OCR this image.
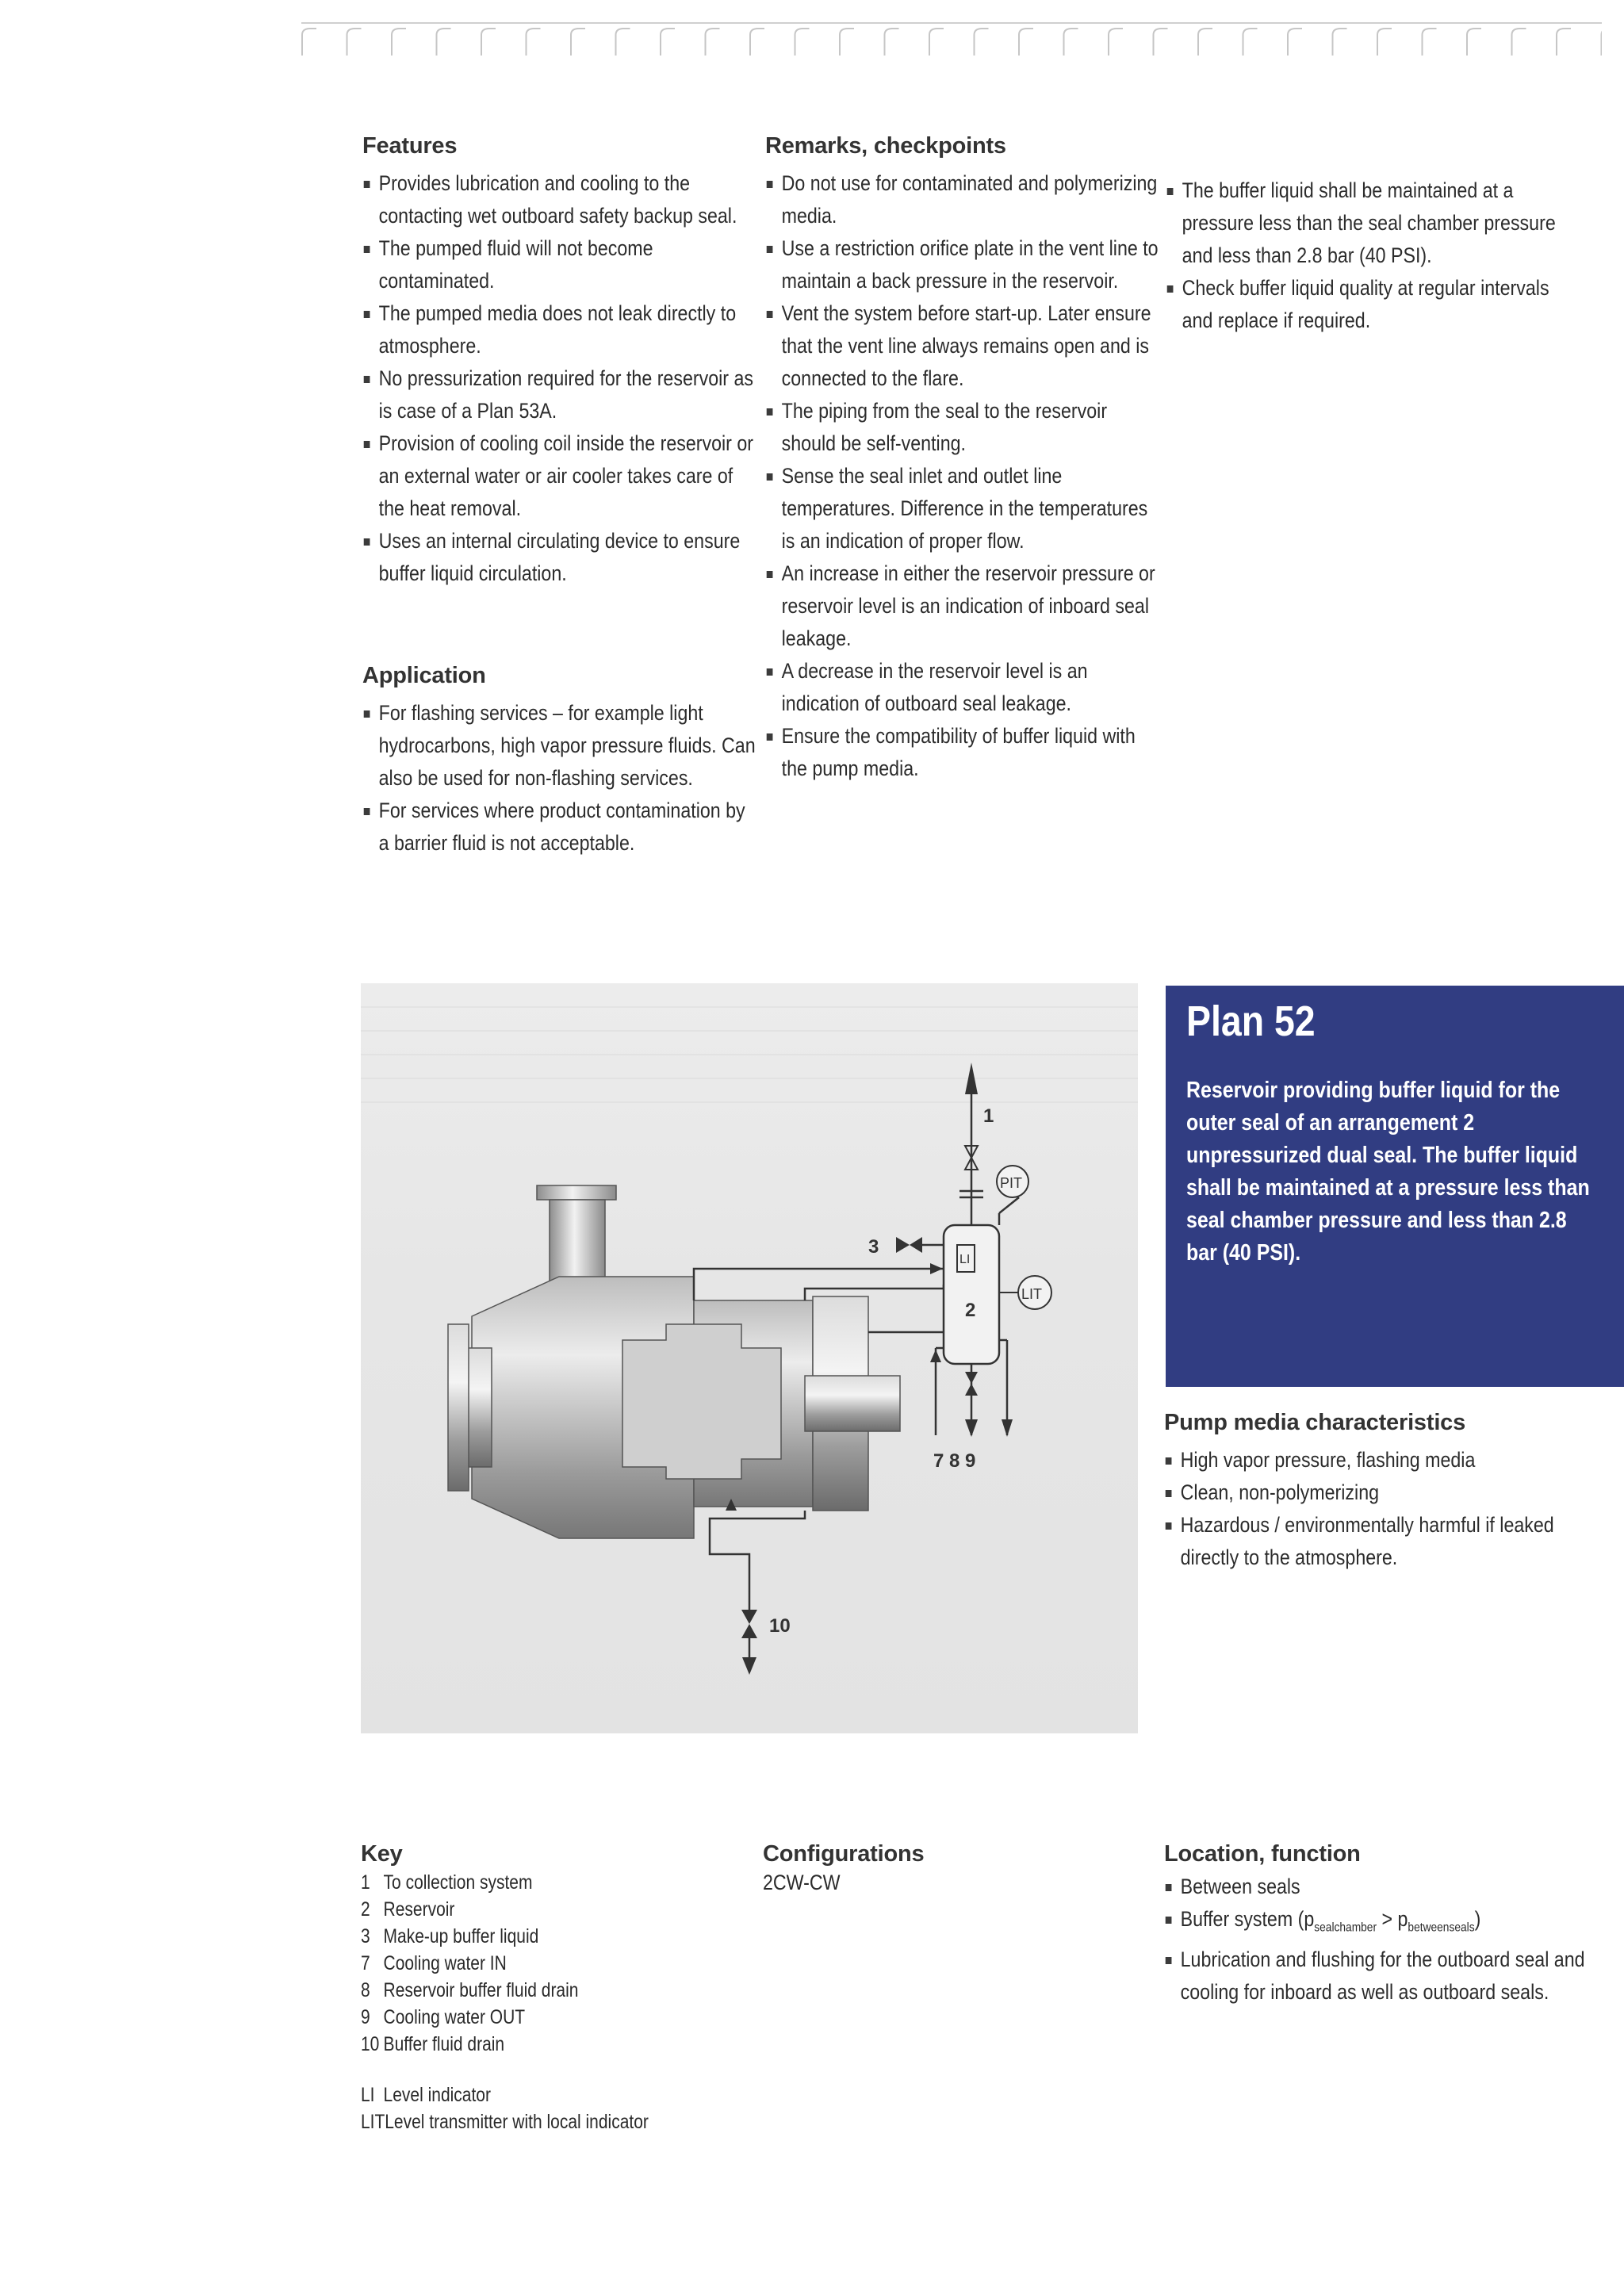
Features
Provides lubrication and cooling to the contacting wet outboard safety backup seal.
The pumped fluid will not become contaminated.
The pumped media does not leak directly to atmosphere.
No pressurization required for the reservoir as is case of a Plan 53A.
Provision of cooling coil inside the reservoir or an external water or air cooler takes care of the heat removal.
Uses an internal circulating device to ensure buffer liquid circulation.
Application
For flashing services – for example light hydrocarbons, high vapor pressure fluids. Can also be used for non-flashing services.
For services where product contamination by a barrier fluid is not acceptable.
Remarks, checkpoints
Do not use for contaminated and polymerizing media.
Use a restriction orifice plate in the vent line to maintain a back pressure in the reservoir.
Vent the system before start-up. Later ensure that the vent line always remains open and is connected to the flare.
The piping from the seal to the reservoir should be self-venting.
Sense the seal inlet and outlet line temperatures. Difference in the temperatures is an indication of proper flow.
An increase in either the reservoir pressure or reservoir level is an indication of inboard seal leakage.
A decrease in the reservoir level is an indication of outboard seal leakage.
Ensure the compatibility of buffer liquid with the pump media.
The buffer liquid shall be maintained at a pressure less than the seal chamber pressure and less than 2.8 bar (40 PSI).
Check buffer liquid quality at regular intervals and replace if required.
LI
2
1
PIT
LIT
3
7 8 9
10
Plan 52
Reservoir providing buffer liquid for the outer seal of an arrangement 2 unpressurized dual seal. The buffer liquid shall be maintained at a pressure less than seal chamber pressure and less than 2.8 bar (40 PSI).
Pump media characteristics
High vapor pressure, flashing media
Clean, non-polymerizing
Hazardous / environmentally harmful if leaked directly to the atmosphere.
Key
1 To collection system
2 Reservoir
3 Make-up buffer liquid
7 Cooling water IN
8 Reservoir buffer fluid drain
9 Cooling water OUT
10 Buffer fluid drain
LI Level indicator
LITLevel transmitter with local indicator
Configurations
2CW-CW
Location, function
Between seals
Buffer system $(p_{sealchamber} > p_{betweenseals})$
Lubrication and flushing for the outboard seal and cooling for inboard as well as outboard seals.
